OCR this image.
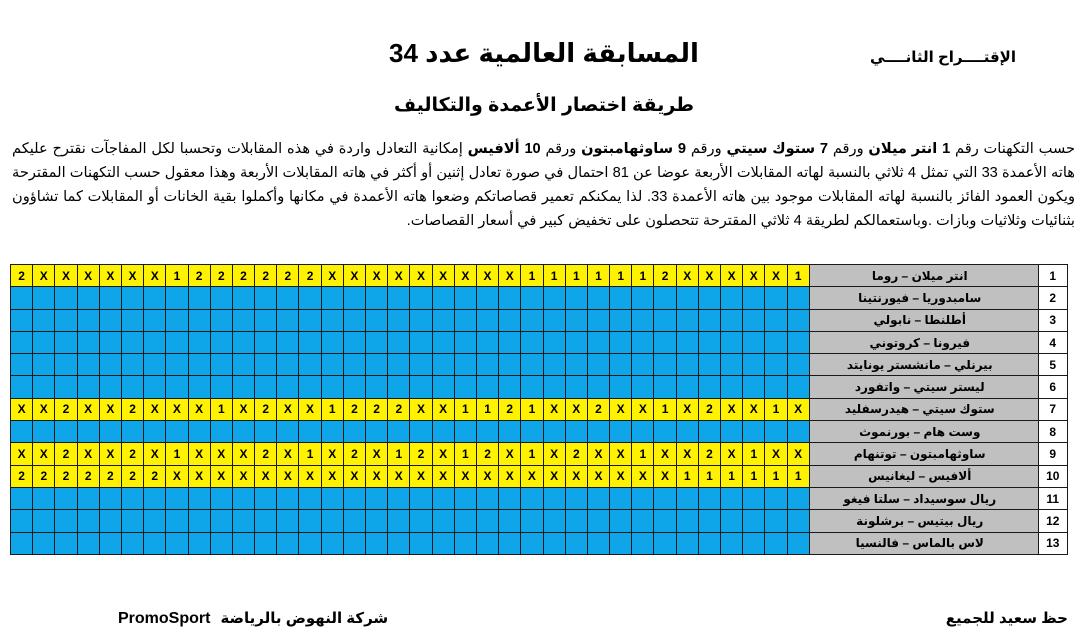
الإقتــــراح الثانــــي
المسابقة العالمية عدد 34
طريقة اختصار الأعمدة والتكاليف
حسب التكهنات رقم 1 انتر ميلان ورقم 7 ستوك سيتي ورقم 9 ساوثهامبتون ورقم 10 ألافيس إمكانية التعادل واردة في هذه المقابلات وتحسبا لكل المفاجآت نقترح عليكم هاته الأعمدة 33 التي تمثل 4 ثلاثي بالنسبة لهاته المقابلات الأربعة عوضا عن 81 احتمال في صورة تعادل إثنين أو أكثر في هاته المقابلات الأربعة وهذا معقول حسب التكهنات المقترحة ويكون العمود الفائز بالنسبة لهاته المقابلات موجود بين هاته الأعمدة 33. لذا يمكنكم تعمير قصاصاتكم وضعوا هاته الأعمدة في مكانها وأكملوا بقية الخانات أو المقابلات كما تشاؤون بثنائيات وثلاثيات وبازات .وباستعمالكم لطريقة 4 ثلاثي المقترحة تتحصلون على تخفيض كبير في أسعار القصاصات.
2	X	X	X	X	X	X	1	2	2	2	2	2	2	X	X	X	X	X	X	X	X	X	1	1	1	1	1	1	2	X	X	X	X	X	1	انتر ميلان – روما	1
																																				سامبدوريا – فيورنتينا	2
																																				أطلنطا – نابولي	3
																																				فيرونا – كروتوني	4
																																				بيرنلي – مانشستر يونايتد	5
																																				ليستر سيتي – واتفورد	6
X	X	2	X	X	2	X	X	X	1	X	2	X	X	1	2	2	2	X	X	1	1	2	1	X	X	2	X	X	1	X	2	X	X	1	X	ستوك سيتي – هيدرسفليد	7
																																				وست هام – بورنموث	8
X	X	2	X	X	2	X	1	X	X	X	2	X	1	X	2	X	1	2	X	1	2	X	1	X	2	X	X	1	X	X	2	X	1	X	X	ساوثهامبتون – توتنهام	9
2	2	2	2	2	2	2	X	X	X	X	X	X	X	X	X	X	X	X	X	X	X	X	X	X	X	X	X	X	X	1	1	1	1	1	1	ألافيس – ليغانيس	10
																																				ريال سوسيداد – سلتا فيغو	11
																																				ريال بيتيس – برشلونة	12
																																				لاس بالماس – فالنسيا	13
حظ سعيد للجميع
PromoSport شركة النهوض بالرياضة
